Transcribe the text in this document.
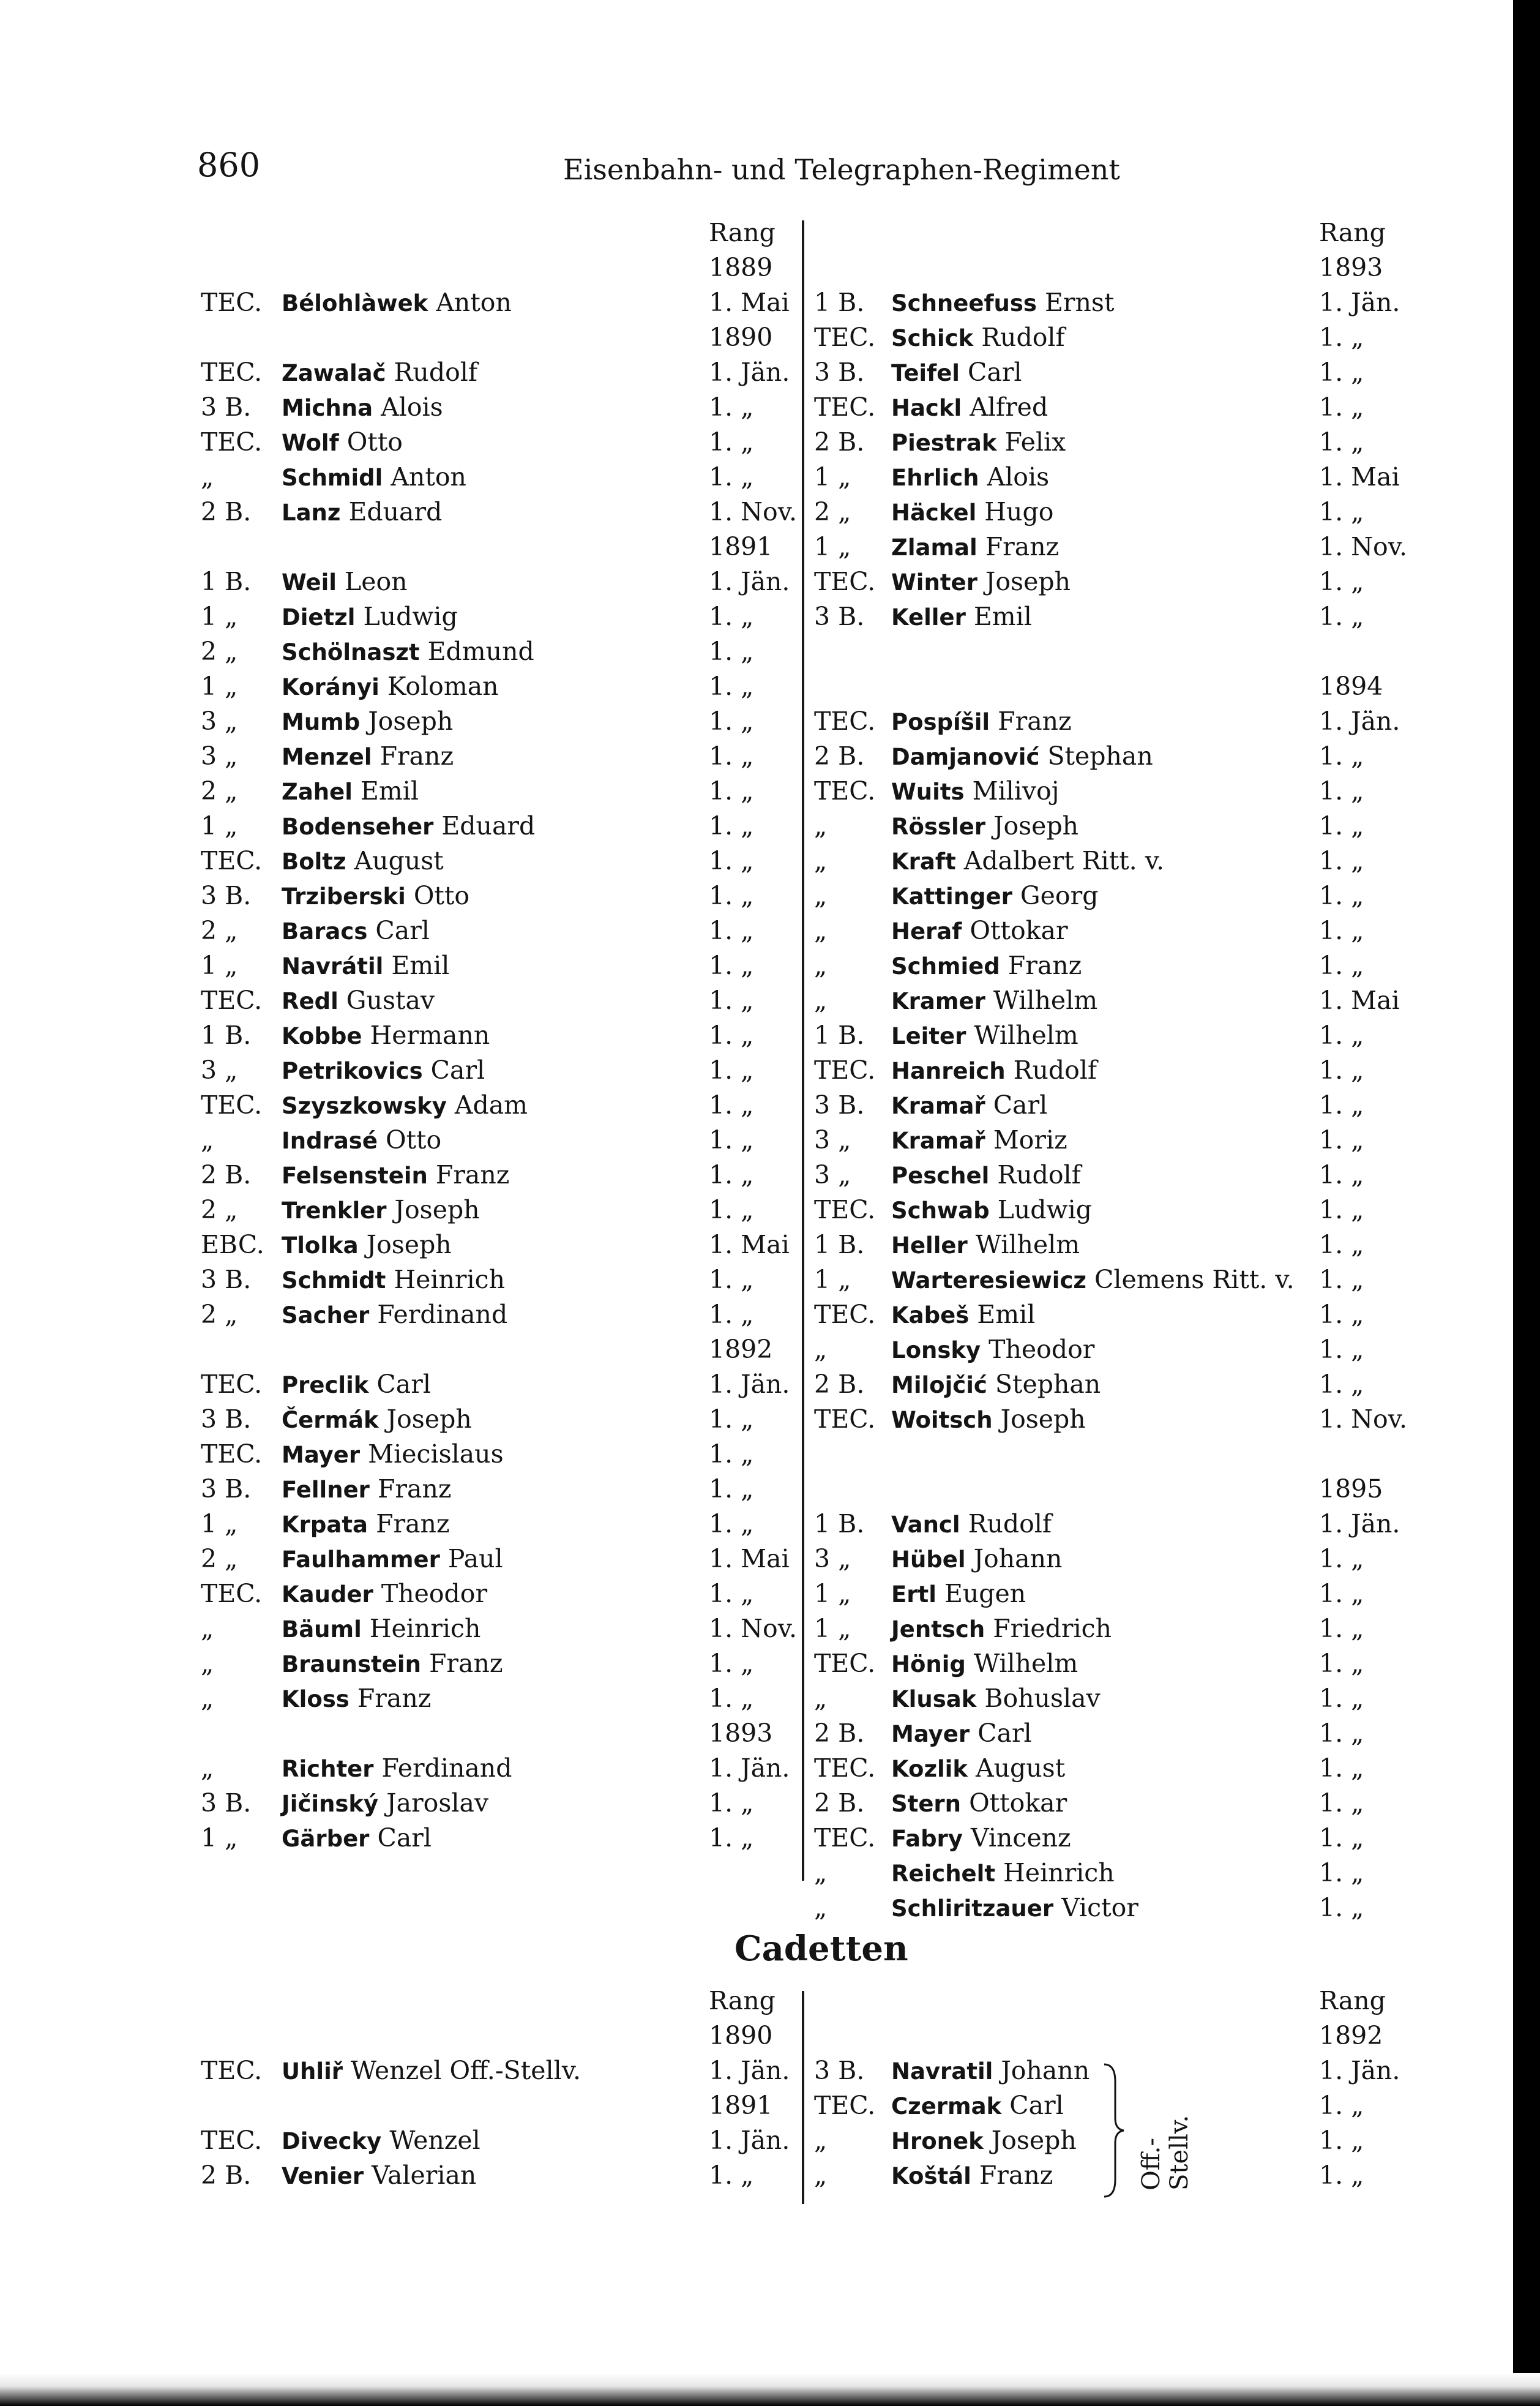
860	Eisenbahn- und Telegraphen-Regiment
Rang
1889
TEC. Bélohlàwek Anton	1. Mai
1890
TEC. Zawalač Rudolf	1. Jän.
3 B. Michna Alois	1. „
TEC. Wolf Otto	1. „
„	Schmidl Anton	1. „
2 B. Lanz Eduard	1. Nov.
1891
1 B. Weil Leon	1. Jän.
1 „ Dietzl Ludwig	1. „
2 „ Schölnaszt Edmund	1. „
1 „ Korányi Koloman	1. „
3 „ Mumb Joseph	1. „
3 „ Menzel Franz	1. „
2 „ Zahel Emil	1. „
1 „ Bodenseher Eduard	1. „
TEC. Boltz August	1. „
3 B. Trziberski Otto	1. „
2 „ Baracs Carl	1. „
1 „ Navrátil Emil	1. „
TEC. Redl Gustav	1. „
1 B. Kobbe Hermann	1. „
3 „ Petrikovics Carl	1. „
TEC. Szyszkowsky Adam	1. „
„	Indrasé Otto	1. „
2 B. Felsenstein Franz	1. „
2 „ Trenkler Joseph	1. „
EBC. Tlolka Joseph	1. Mai
3 B. Schmidt Heinrich	1. „
2 „ Sacher Ferdinand	1. „
1892
TEC. Preclik Carl	1. Jän.
3 B. Čermák Joseph	1. „
TEC. Mayer Miecislaus	1. „
3 B. Fellner Franz	1. „
1 „ Krpata Franz	1. „
2 „ Faulhammer Paul	1. Mai
TEC. Kauder Theodor	1. „
„	Bäuml Heinrich	1. Nov.
„	Braunstein Franz	1. „
„	Kloss Franz	1. „
1893
„	Richter Ferdinand	1. Jän.
3 B. Jičinský Jaroslav	1. „
1 „ Gärber Carl	1. „
Rang
1893
1 B. Schneefuss Ernst	1. Jän.
TEC. Schick Rudolf	1. „
3 B. Teifel Carl	1. „
TEC. Hackl Alfred	1. „
2 B. Piestrak Felix	1. „
1 „ Ehrlich Alois	1. Mai
2 „ Häckel Hugo	1. „
1 „ Zlamal Franz	1. Nov.
TEC. Winter Joseph	1. „
3 B. Keller Emil	1. „
1894
TEC. Pospíšil Franz	1. Jän.
2 B. Damjanović Stephan	1. „
TEC. Wuits Milivoj	1. „
„	Rössler Joseph	1. „
„	Kraft Adalbert Ritt. v.	1. „
„	Kattinger Georg	1. „
„	Heraf Ottokar	1. „
„	Schmied Franz	1. „
„	Kramer Wilhelm	1. Mai
1 B. Leiter Wilhelm	1. „
TEC. Hanreich Rudolf	1. „
3 B. Kramař Carl	1. „
3 „ Kramař Moriz	1. „
3 „ Peschel Rudolf	1. „
TEC. Schwab Ludwig	1. „
1 B. Heller Wilhelm	1. „
1 „ Warteresiewicz Clemens Ritt. v. 1. „
TEC. Kabeš Emil	1. „
„	Lonsky Theodor	1. „
2 B. Milojčić Stephan	1. „
TEC. Woitsch Joseph	1. Nov.
1895
1 B. Vancl Rudolf	1. Jän.
3 „ Hübel Johann	1. „
1 „ Ertl Eugen	1. „
1 „ Jentsch Friedrich	1. „
TEC. Hönig Wilhelm	1. „
„	Klusak Bohuslav	1. „
2 B. Mayer Carl	1. „
TEC. Kozlik August	1. „
2 B. Stern Ottokar	1. „
TEC. Fabry Vincenz	1. „
„	Reichelt Heinrich	1. „
„	Schliritzauer Victor	1. „
Cadetten
Rang
1890
TEC. Uhliř Wenzel Off.-Stellv.	1. Jän.
1891
TEC. Divecky Wenzel	1. Jän.
2 B. Venier Valerian	1. „
Rang
1892
3 B. Navratil Johann	1. Jän.
TEC. Czermak Carl	1. „
„	Hronek Joseph	1. „
„	Koštál Franz	1. „
Off.-Stellv.
